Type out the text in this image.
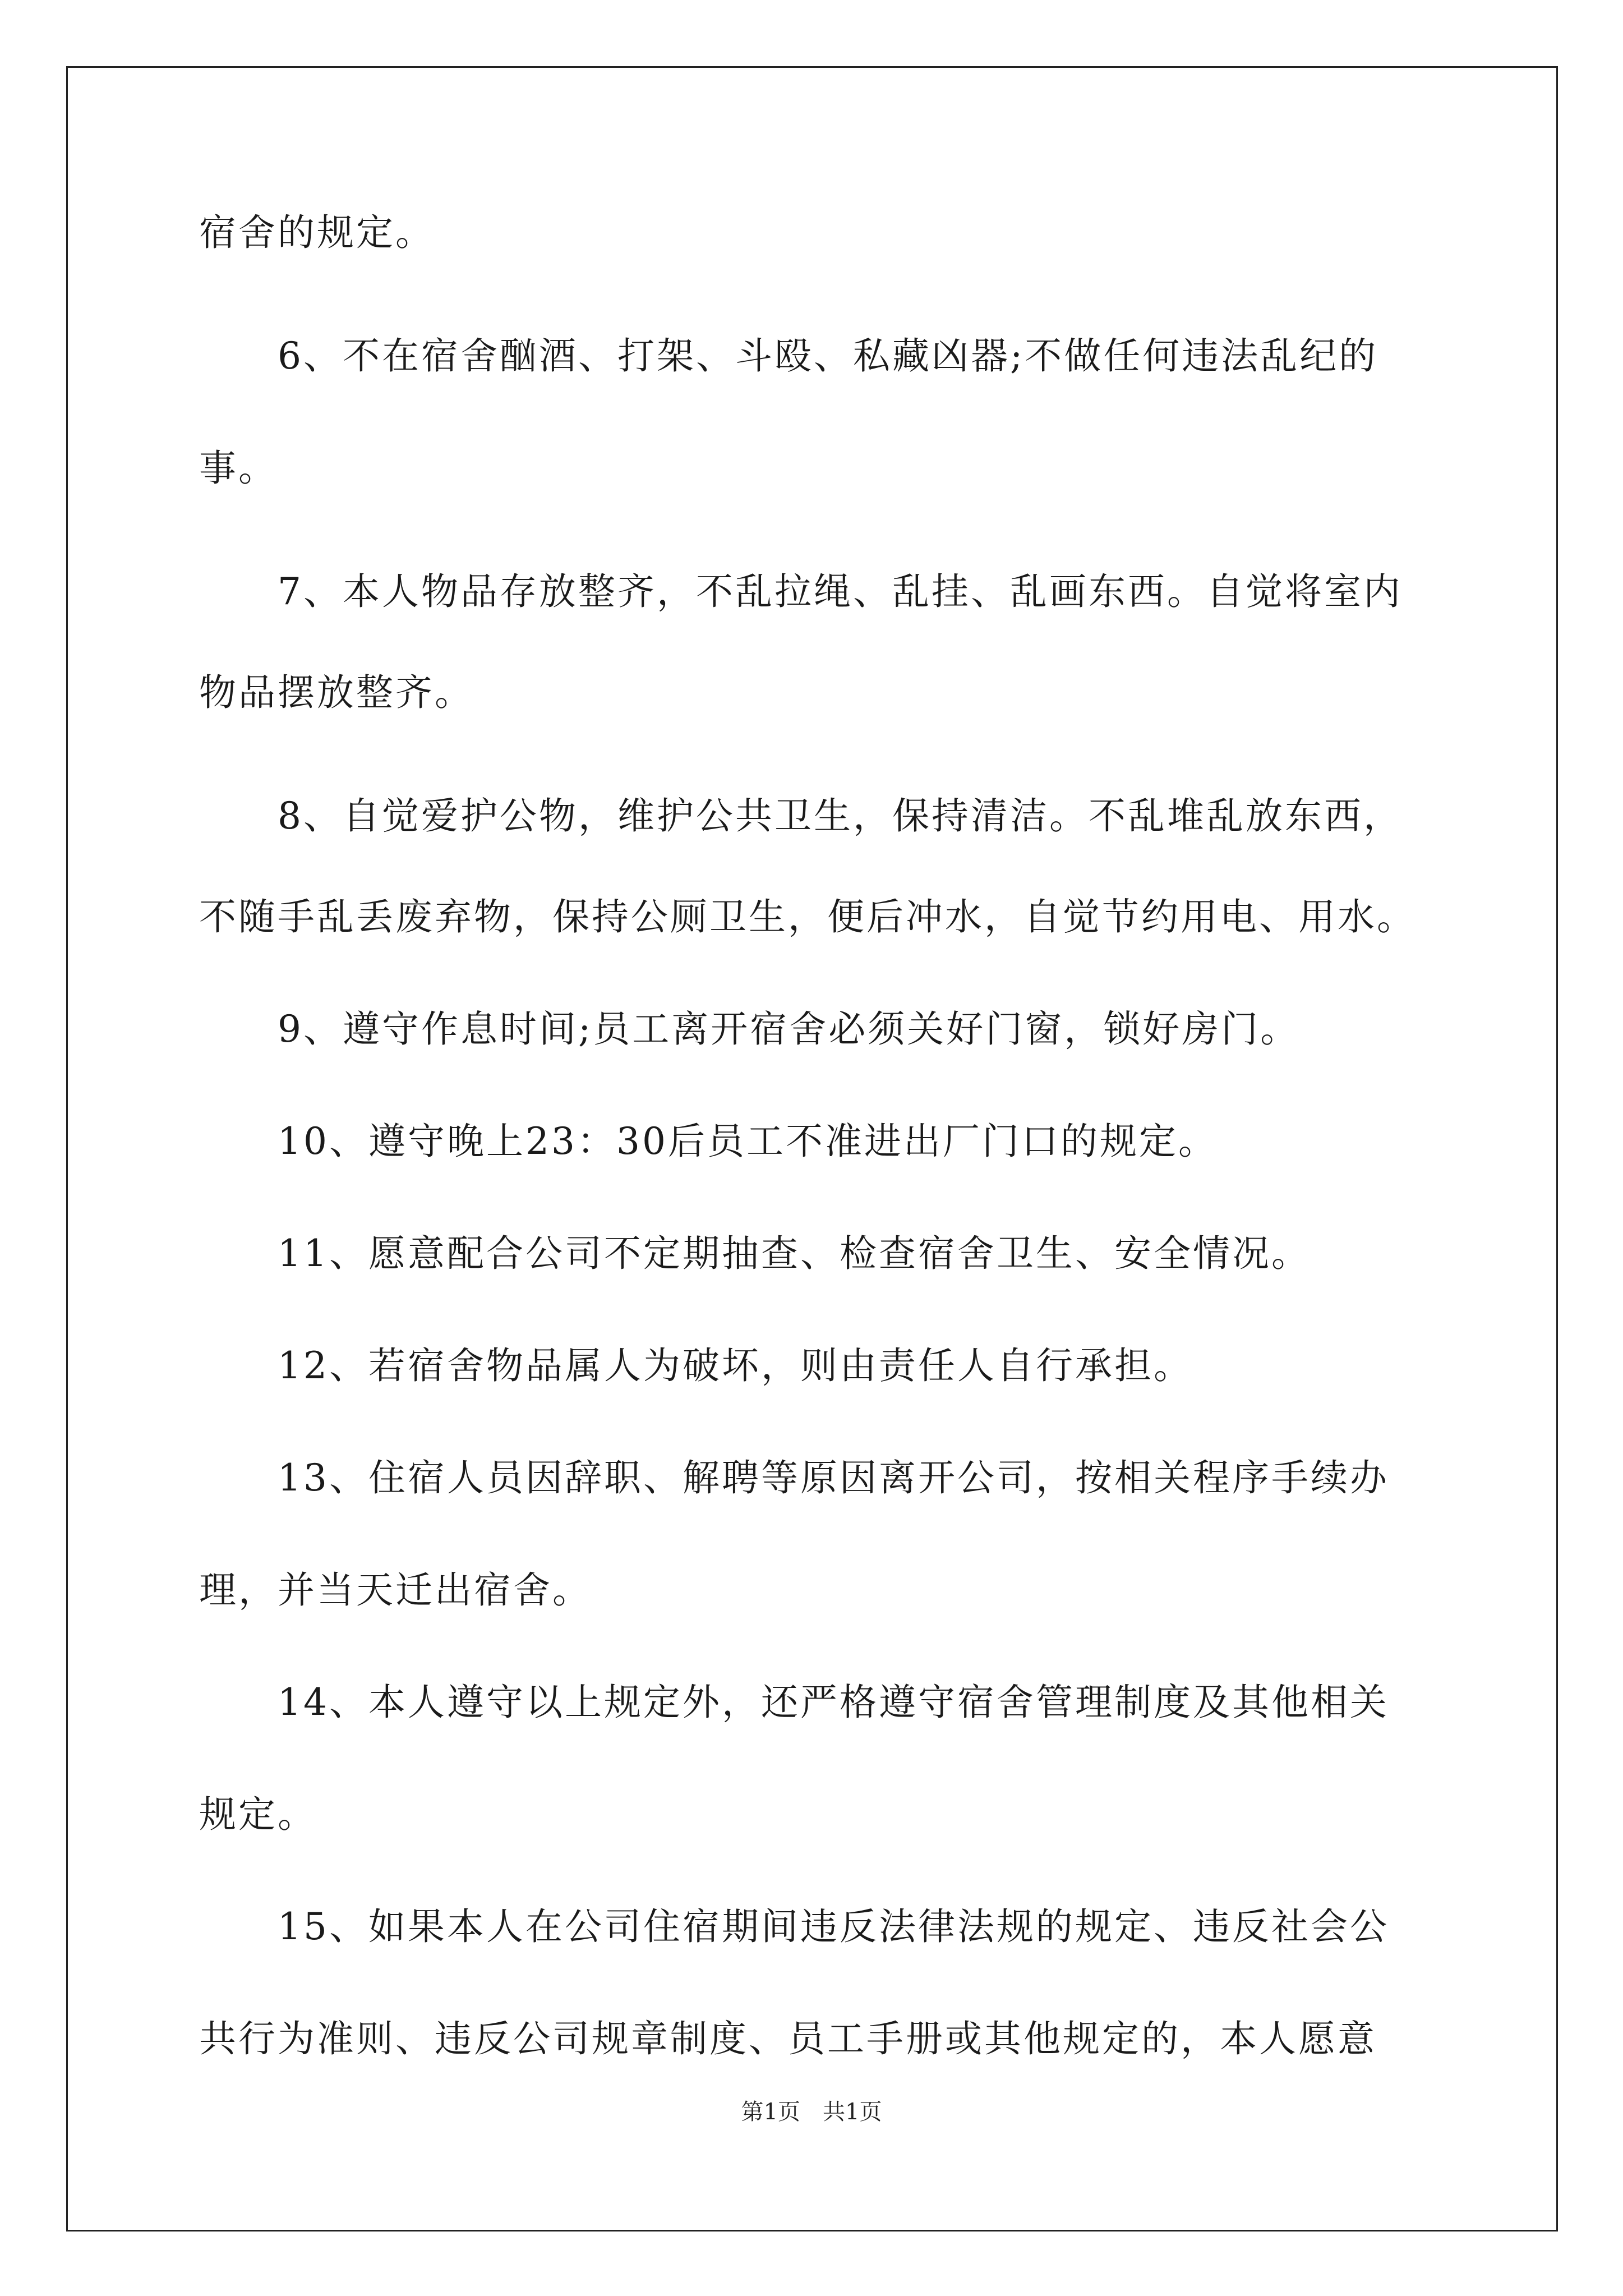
宿舍的规定。
6、不在宿舍酗酒、打架、斗殴、私藏凶器;不做任何违法乱纪的
事。
7、本人物品存放整齐，不乱拉绳、乱挂、乱画东西。自觉将室内
物品摆放整齐。
8、自觉爱护公物，维护公共卫生，保持清洁。不乱堆乱放东西，
不随手乱丢废弃物，保持公厕卫生，便后冲水，自觉节约用电、用水。
9、遵守作息时间;员工离开宿舍必须关好门窗，锁好房门。
10、遵守晚上23：30后员工不准进出厂门口的规定。
11、愿意配合公司不定期抽查、检查宿舍卫生、安全情况。
12、若宿舍物品属人为破坏，则由责任人自行承担。
13、住宿人员因辞职、解聘等原因离开公司，按相关程序手续办
理，并当天迁出宿舍。
14、本人遵守以上规定外，还严格遵守宿舍管理制度及其他相关
规定。
15、如果本人在公司住宿期间违反法律法规的规定、违反社会公
共行为准则、违反公司规章制度、员工手册或其他规定的，本人愿意
第1页　共1页
